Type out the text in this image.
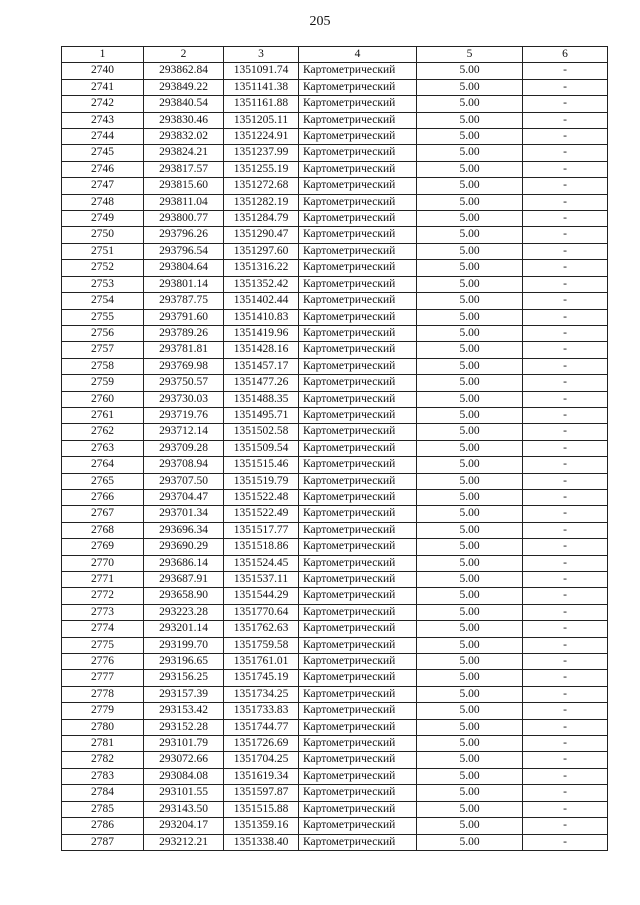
205
1	2	3	4	5	6
2740	293862.84	1351091.74	Картометрический	5.00	-
2741	293849.22	1351141.38	Картометрический	5.00	-
2742	293840.54	1351161.88	Картометрический	5.00	-
2743	293830.46	1351205.11	Картометрический	5.00	-
2744	293832.02	1351224.91	Картометрический	5.00	-
2745	293824.21	1351237.99	Картометрический	5.00	-
2746	293817.57	1351255.19	Картометрический	5.00	-
2747	293815.60	1351272.68	Картометрический	5.00	-
2748	293811.04	1351282.19	Картометрический	5.00	-
2749	293800.77	1351284.79	Картометрический	5.00	-
2750	293796.26	1351290.47	Картометрический	5.00	-
2751	293796.54	1351297.60	Картометрический	5.00	-
2752	293804.64	1351316.22	Картометрический	5.00	-
2753	293801.14	1351352.42	Картометрический	5.00	-
2754	293787.75	1351402.44	Картометрический	5.00	-
2755	293791.60	1351410.83	Картометрический	5.00	-
2756	293789.26	1351419.96	Картометрический	5.00	-
2757	293781.81	1351428.16	Картометрический	5.00	-
2758	293769.98	1351457.17	Картометрический	5.00	-
2759	293750.57	1351477.26	Картометрический	5.00	-
2760	293730.03	1351488.35	Картометрический	5.00	-
2761	293719.76	1351495.71	Картометрический	5.00	-
2762	293712.14	1351502.58	Картометрический	5.00	-
2763	293709.28	1351509.54	Картометрический	5.00	-
2764	293708.94	1351515.46	Картометрический	5.00	-
2765	293707.50	1351519.79	Картометрический	5.00	-
2766	293704.47	1351522.48	Картометрический	5.00	-
2767	293701.34	1351522.49	Картометрический	5.00	-
2768	293696.34	1351517.77	Картометрический	5.00	-
2769	293690.29	1351518.86	Картометрический	5.00	-
2770	293686.14	1351524.45	Картометрический	5.00	-
2771	293687.91	1351537.11	Картометрический	5.00	-
2772	293658.90	1351544.29	Картометрический	5.00	-
2773	293223.28	1351770.64	Картометрический	5.00	-
2774	293201.14	1351762.63	Картометрический	5.00	-
2775	293199.70	1351759.58	Картометрический	5.00	-
2776	293196.65	1351761.01	Картометрический	5.00	-
2777	293156.25	1351745.19	Картометрический	5.00	-
2778	293157.39	1351734.25	Картометрический	5.00	-
2779	293153.42	1351733.83	Картометрический	5.00	-
2780	293152.28	1351744.77	Картометрический	5.00	-
2781	293101.79	1351726.69	Картометрический	5.00	-
2782	293072.66	1351704.25	Картометрический	5.00	-
2783	293084.08	1351619.34	Картометрический	5.00	-
2784	293101.55	1351597.87	Картометрический	5.00	-
2785	293143.50	1351515.88	Картометрический	5.00	-
2786	293204.17	1351359.16	Картометрический	5.00	-
2787	293212.21	1351338.40	Картометрический	5.00	-
